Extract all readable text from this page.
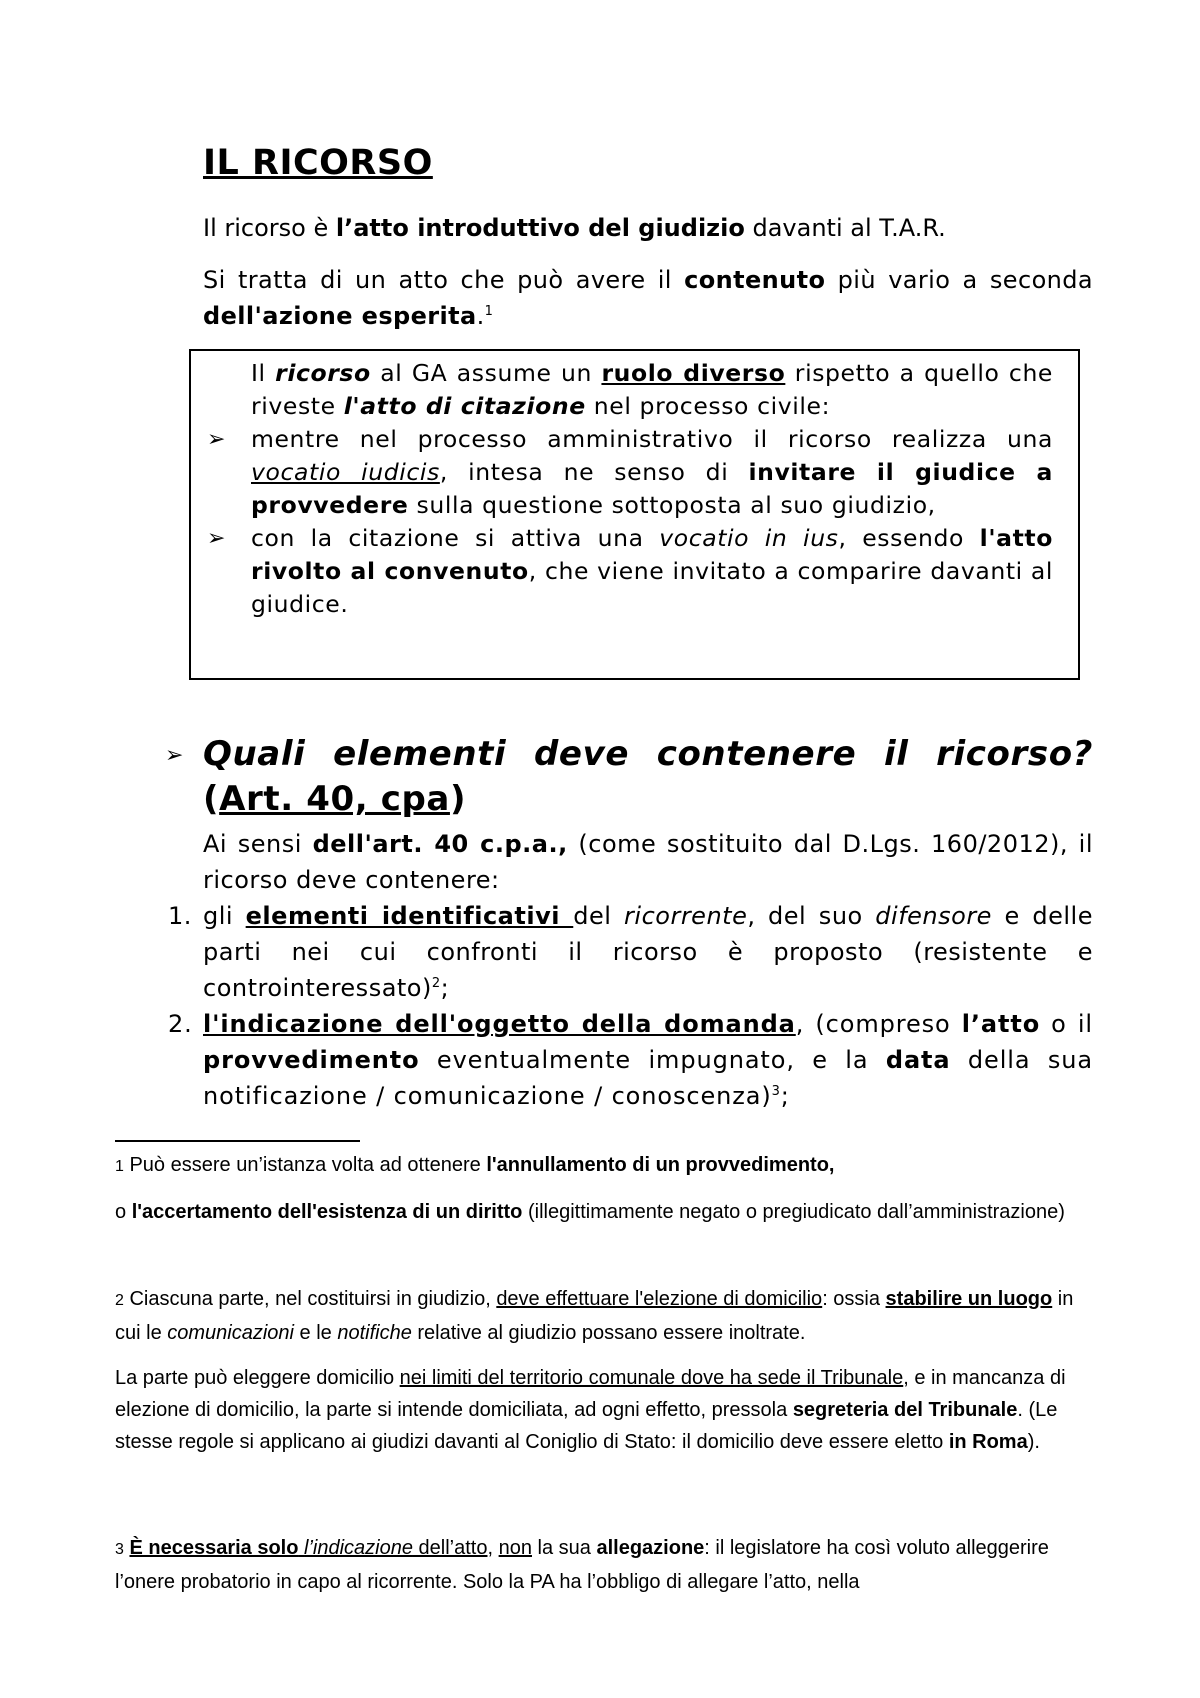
IL RICORSO
Il ricorso è l’atto introduttivo del giudizio davanti al T.A.R.
Si tratta di un atto che può avere il contenuto più vario a seconda dell'azione esperita.$^1$
Il ricorso al GA assume un ruolo diverso rispetto a quello che riveste l'atto di citazione nel processo civile:
➢	mentre nel processo amministrativo il ricorso realizza una vocatio iudicis, intesa ne senso di invitare il giudice a provvedere sulla questione sottoposta al suo giudizio,
➢	con la citazione si attiva una vocatio in ius, essendo l'atto rivolto al convenuto, che viene invitato a comparire davanti al giudice.
➢ Quali elementi deve contenere il ricorso? (Art. 40, cpa)
Ai sensi dell'art. 40 c.p.a., (come sostituito dal D.Lgs. 160/2012), il ricorso deve contenere:
1. gli elementi identificativi del ricorrente, del suo difensore e delle parti nei cui confronti il ricorso è proposto (resistente e controinteressato)$^2$;
2. l'indicazione dell'oggetto della domanda, (compreso l’atto o il provvedimento eventualmente impugnato, e la data della sua notificazione / comunicazione / conoscenza)$^3$;
1 Può essere un’istanza volta ad ottenere l'annullamento di un provvedimento,
o l'accertamento dell'esistenza di un diritto (illegittimamente negato o pregiudicato dall’amministrazione)
2 Ciascuna parte, nel costituirsi in giudizio, deve effettuare l'elezione di domicilio: ossia stabilire un luogo in cui le comunicazioni e le notifiche relative al giudizio possano essere inoltrate.
La parte può eleggere domicilio nei limiti del territorio comunale dove ha sede il Tribunale, e in mancanza di elezione di domicilio, la parte si intende domiciliata, ad ogni effetto, pressola segreteria del Tribunale. (Le stesse regole si applicano ai giudizi davanti al Coniglio di Stato: il domicilio deve essere eletto in Roma).
3 È necessaria solo l’indicazione dell’atto, non la sua allegazione: il legislatore ha così voluto alleggerire l’onere probatorio in capo al ricorrente. Solo la PA ha l’obbligo di allegare l’atto, nella
